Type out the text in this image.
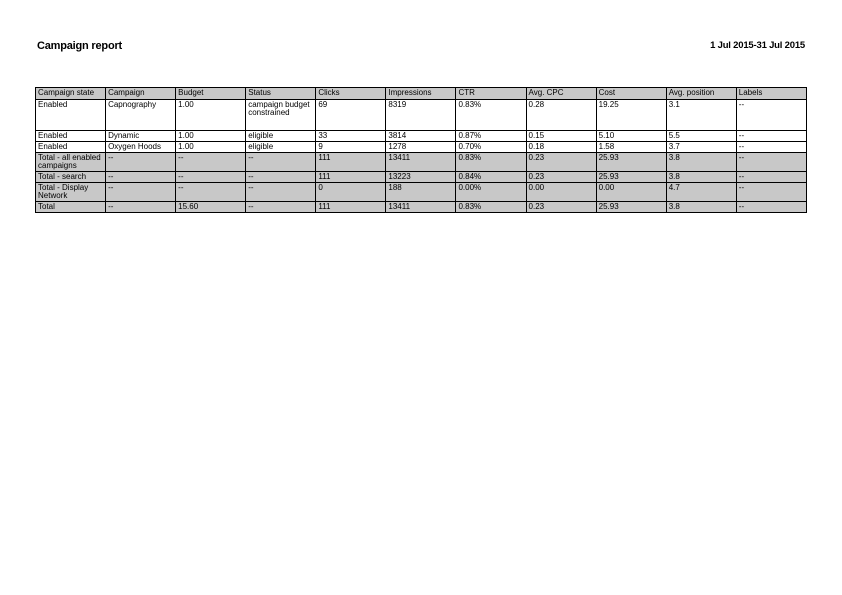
Campaign report	1 Jul 2015-31 Jul 2015
Campaign state	Campaign	Budget	Status	Clicks	Impressions	CTR	Avg. CPC	Cost	Avg. position	Labels
Enabled	Capnography	1.00	campaign budget constrained	69	8319	0.83%	0.28	19.25	3.1	--
Enabled	Dynamic	1.00	eligible	33	3814	0.87%	0.15	5.10	5.5	--
Enabled	Oxygen Hoods	1.00	eligible	9	1278	0.70%	0.18	1.58	3.7	--
Total - all enabled campaigns	--	--	--	111	13411	0.83%	0.23	25.93	3.8	--
Total - search	--	--	--	111	13223	0.84%	0.23	25.93	3.8	--
Total - Display Network	--	--	--	0	188	0.00%	0.00	0.00	4.7	--
Total	--	15.60	--	111	13411	0.83%	0.23	25.93	3.8	--
